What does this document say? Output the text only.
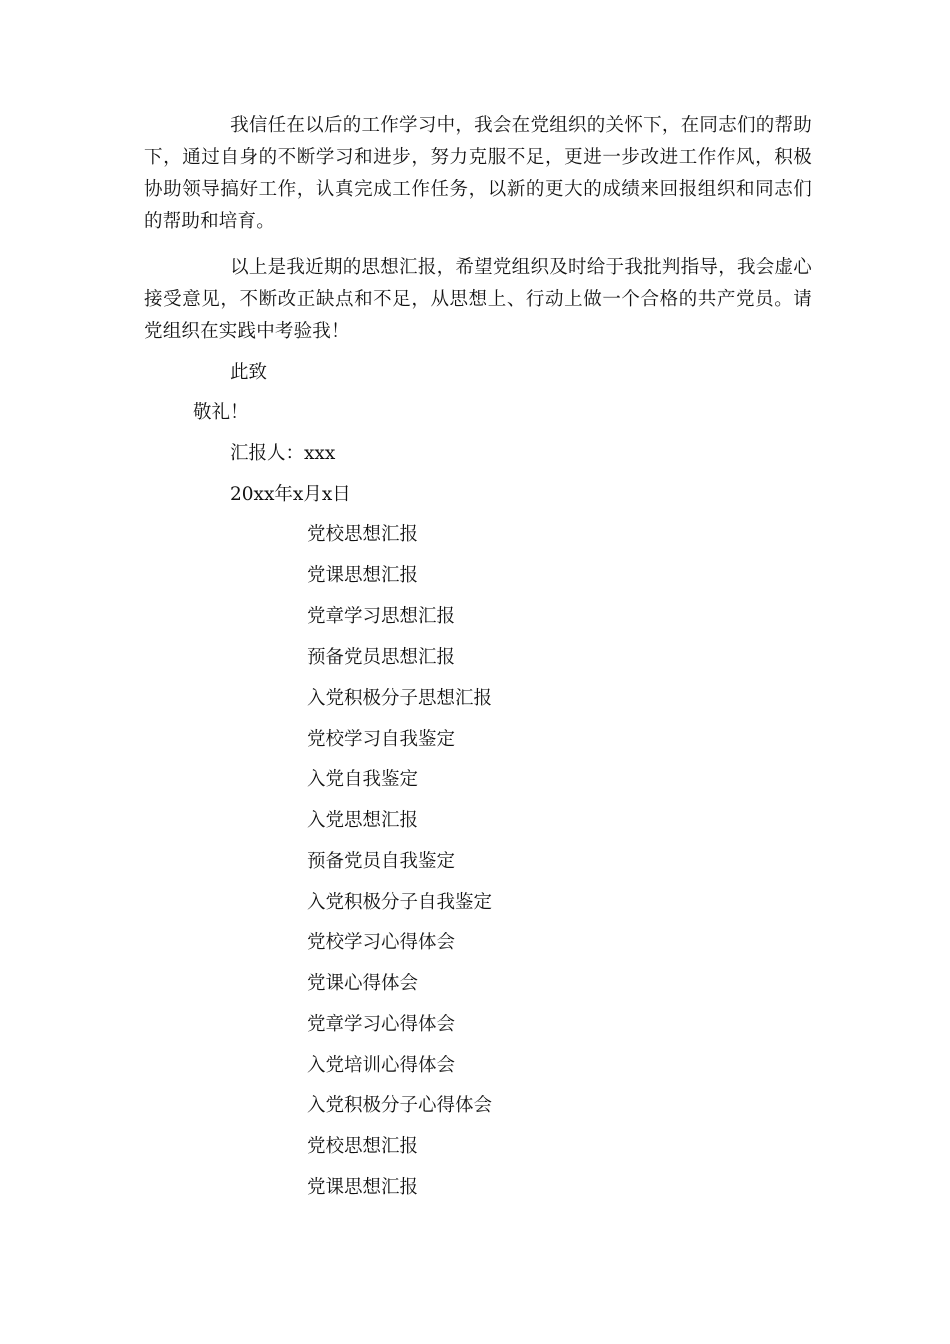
我信任在以后的工作学习中，我会在党组织的关怀下，在同志们的帮助下，通过自身的不断学习和进步，努力克服不足，更进一步改进工作作风，积极协助领导搞好工作，认真完成工作任务，以新的更大的成绩来回报组织和同志们的帮助和培育。

以上是我近期的思想汇报，希望党组织及时给于我批判指导，我会虚心接受意见，不断改正缺点和不足，从思想上、行动上做一个合格的共产党员。请党组织在实践中考验我！

此致
敬礼！
汇报人：xxx
20xx年x月x日
党校思想汇报
党课思想汇报
党章学习思想汇报
预备党员思想汇报
入党积极分子思想汇报
党校学习自我鉴定
入党自我鉴定
入党思想汇报
预备党员自我鉴定
入党积极分子自我鉴定
党校学习心得体会
党课心得体会
党章学习心得体会
入党培训心得体会
入党积极分子心得体会
党校思想汇报
党课思想汇报
